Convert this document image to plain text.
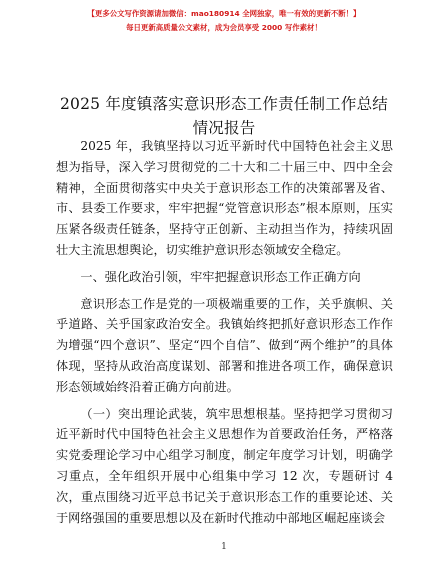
【更多公文写作资源请加微信：mao180914 全网独家，唯一有效的更新不断！】
每日更新高质量公文素材，成为会员享受 2000 写作素材！
2025 年度镇落实意识形态工作责任制工作总结
情况报告

2025 年，我镇坚持以习近平新时代中国特色社会主义思想为指导，深入学习贯彻党的二十大和二十届三中、四中全会精神，全面贯彻落实中央关于意识形态工作的决策部署及省、市、县委工作要求，牢牢把握“党管意识形态”根本原则，压实压紧各级责任链条，坚持守正创新、主动担当作为，持续巩固壮大主流思想舆论，切实维护意识形态领域安全稳定。

一、强化政治引领，牢牢把握意识形态工作正确方向

意识形态工作是党的一项极端重要的工作，关乎旗帜、关乎道路、关乎国家政治安全。我镇始终把抓好意识形态工作作为增强“四个意识”、坚定“四个自信”、做到“两个维护”的具体体现，坚持从政治高度谋划、部署和推进各项工作，确保意识形态领域始终沿着正确方向前进。

（一）突出理论武装，筑牢思想根基。坚持把学习贯彻习近平新时代中国特色社会主义思想作为首要政治任务，严格落实党委理论学习中心组学习制度，制定年度学习计划，明确学习重点，全年组织开展中心组集中学习 12 次，专题研讨 4 次，重点围绕习近平总书记关于意识形态工作的重要论述、关于网络强国的重要思想以及在新时代推动中部地区崛起座谈会

1
